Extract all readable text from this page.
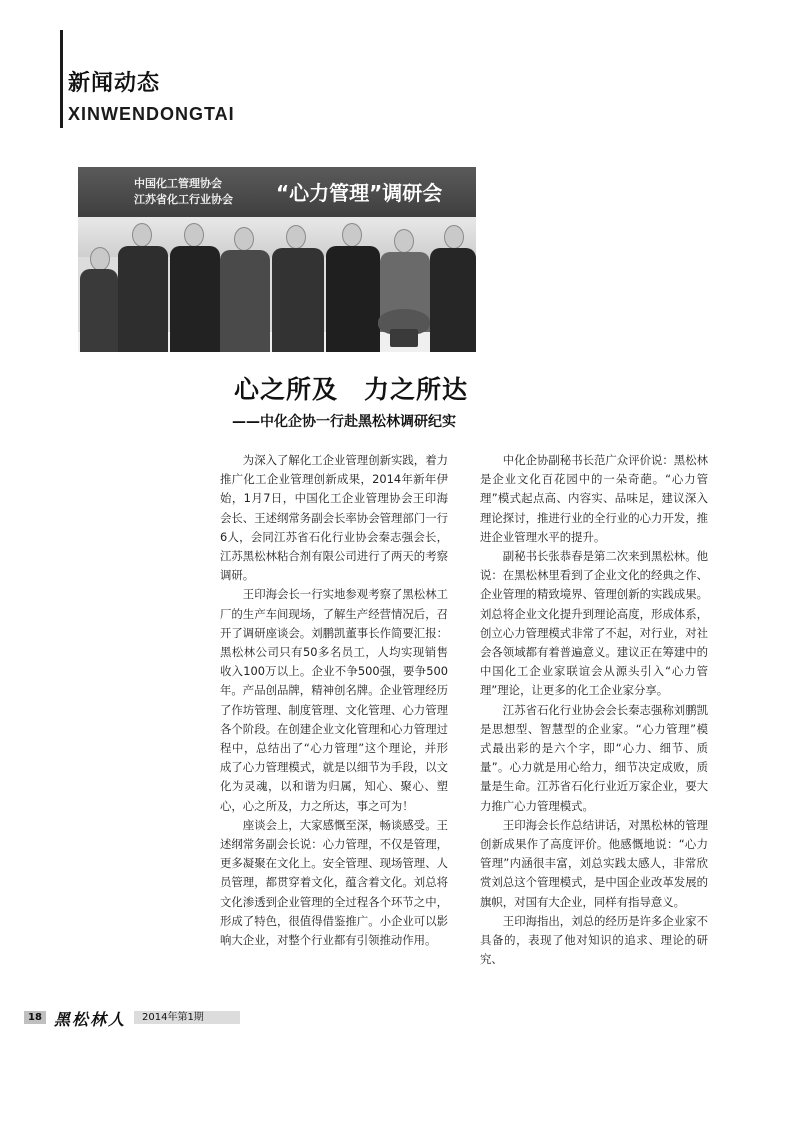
新闻动态
XINWENDONGTAI
中国化工管理协会
江苏省化工行业协会	“心力管理”调研会
心之所及　力之所达
——中化企协一行赴黑松林调研纪实

为深入了解化工企业管理创新实践，着力推广化工企业管理创新成果，2014年新年伊始，1月7日，中国化工企业管理协会王印海会长、王述纲常务副会长率协会管理部门一行6人，会同江苏省石化行业协会秦志强会长，江苏黑松林粘合剂有限公司进行了两天的考察调研。

王印海会长一行实地参观考察了黑松林工厂的生产车间现场，了解生产经营情况后，召开了调研座谈会。刘鹏凯董事长作简要汇报：黑松林公司只有50多名员工，人均实现销售收入100万以上。企业不争500强，要争500年。产品创品牌，精神创名牌。企业管理经历了作坊管理、制度管理、文化管理、心力管理各个阶段。在创建企业文化管理和心力管理过程中，总结出了“心力管理”这个理论，并形成了心力管理模式，就是以细节为手段，以文化为灵魂，以和谐为归属，知心、聚心、塑心，心之所及，力之所达，事之可为！

座谈会上，大家感慨至深，畅谈感受。王述纲常务副会长说：心力管理，不仅是管理，更多凝聚在文化上。安全管理、现场管理、人员管理，都贯穿着文化，蕴含着文化。刘总将文化渗透到企业管理的全过程各个环节之中，形成了特色，很值得借鉴推广。小企业可以影响大企业，对整个行业都有引领推动作用。

中化企协副秘书长范广众评价说：黑松林是企业文化百花园中的一朵奇葩。“心力管理”模式起点高、内容实、品味足，建议深入理论探讨，推进行业的全行业的心力开发，推进企业管理水平的提升。

副秘书长张恭春是第二次来到黑松林。他说：在黑松林里看到了企业文化的经典之作、企业管理的精致境界、管理创新的实践成果。刘总将企业文化提升到理论高度，形成体系，创立心力管理模式非常了不起，对行业，对社会各领域都有着普遍意义。建议正在筹建中的中国化工企业家联谊会从源头引入“心力管理”理论，让更多的化工企业家分享。

江苏省石化行业协会会长秦志强称刘鹏凯是思想型、智慧型的企业家。“心力管理”模式最出彩的是六个字，即“心力、细节、质量”。心力就是用心给力，细节决定成败，质量是生命。江苏省石化行业近万家企业，要大力推广心力管理模式。

王印海会长作总结讲话，对黑松林的管理创新成果作了高度评价。他感慨地说：“心力管理”内涵很丰富，刘总实践太感人，非常欣赏刘总这个管理模式，是中国企业改革发展的旗帜，对国有大企业，同样有指导意义。

王印海指出，刘总的经历是许多企业家不具备的，表现了他对知识的追求、理论的研究、

18 黑松林人	2014年第1期
